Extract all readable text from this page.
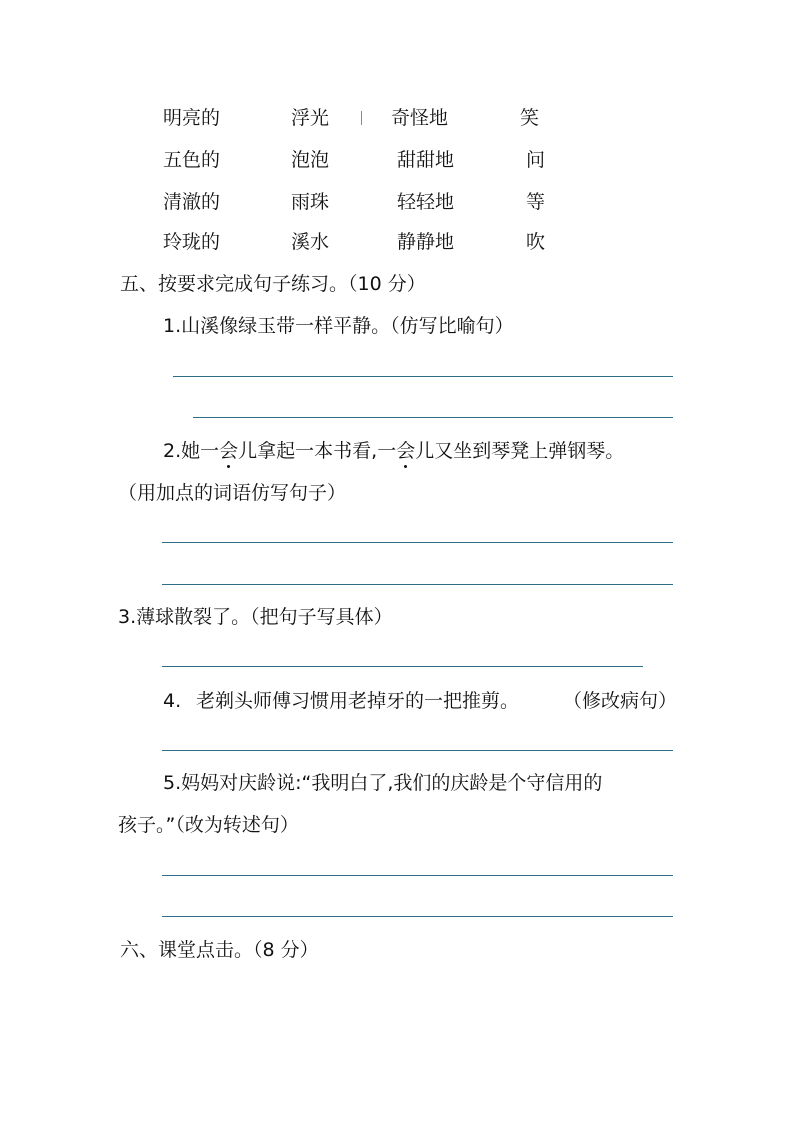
明亮的	浮光	奇怪地	笑
五色的	泡泡	甜甜地	问
清澈的	雨珠	轻轻地	等
玲珑的	溪水	静静地	吹
五、按要求完成句子练习。（10 分）
1.山溪像绿玉带一样平静。（仿写比喻句）
2.她一会儿拿起一本书看,一会儿又坐到琴凳上弹钢琴。
（用加点的词语仿写句子）
3.薄球散裂了。（把句子写具体）
4. 老剃头师傅习惯用老掉牙的一把推剪。 （修改病句）
5.妈妈对庆龄说:“我明白了,我们的庆龄是个守信用的
孩子。”（改为转述句）
六、课堂点击。（8 分）
